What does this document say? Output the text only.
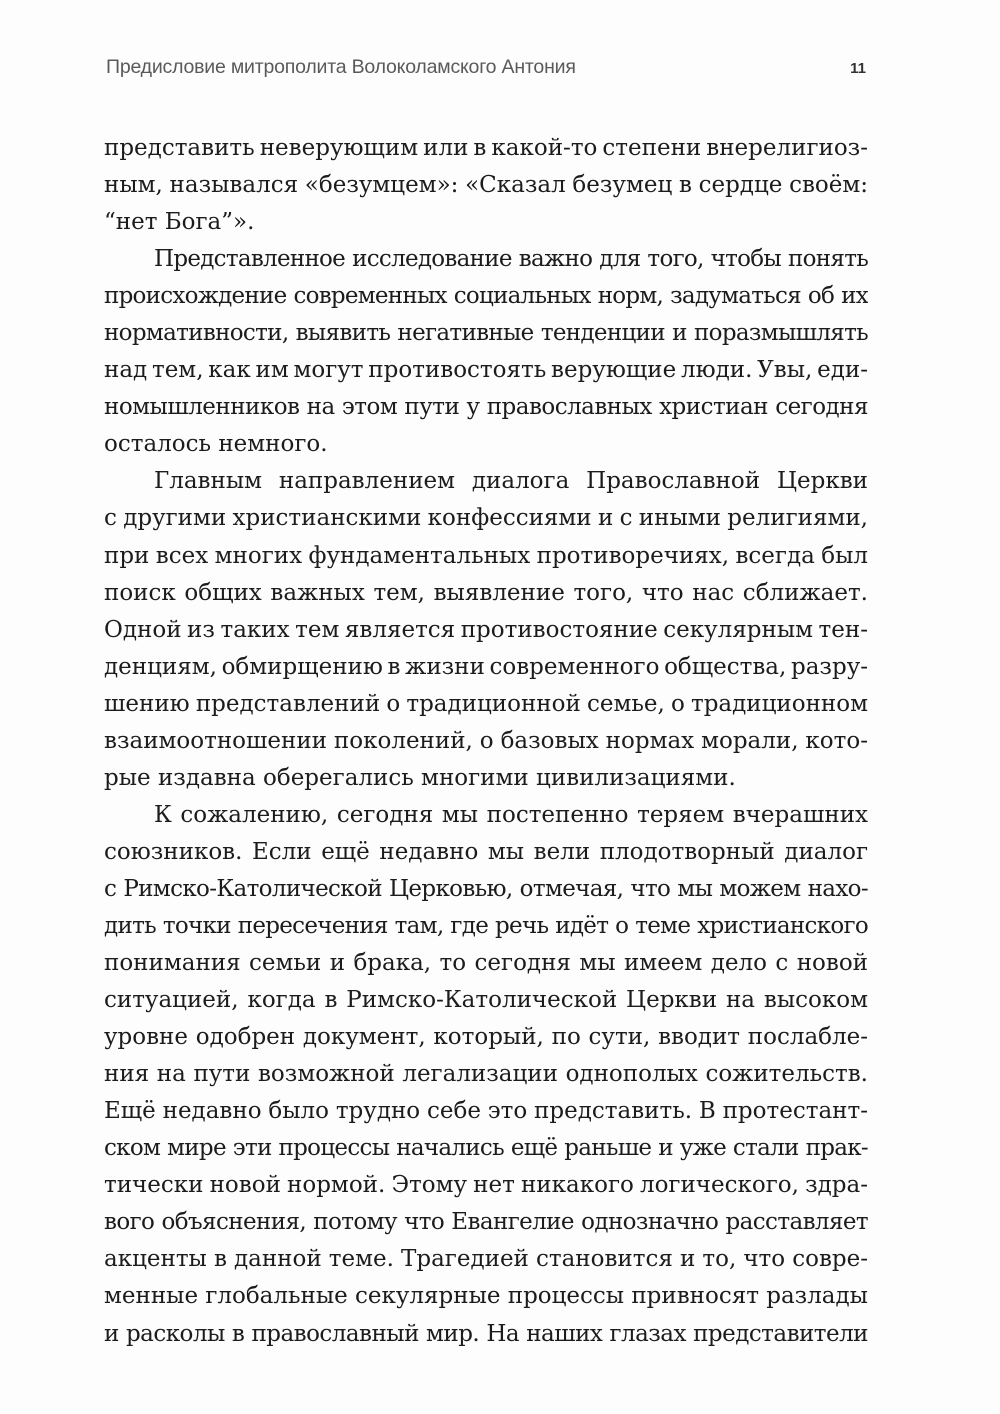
Предисловие митрополита Волоколамского Антония	11
представить неверующим или в какой-то степени внерелигиоз-
ным, назывался «безумцем»: «Сказал безумец в сердце своём:
“нет Бога”».
Представленное исследование важно для того, чтобы понять
происхождение современных социальных норм, задуматься об их
нормативности, выявить негативные тенденции и поразмышлять
над тем, как им могут противостоять верующие люди. Увы, еди-
номышленников на этом пути у православных христиан сегодня
осталось немного.
Главным направлением диалога Православной Церкви
с другими христианскими конфессиями и с иными религиями,
при всех многих фундаментальных противоречиях, всегда был
поиск общих важных тем, выявление того, что нас сближает.
Одной из таких тем является противостояние секулярным тен-
денциям, обмирщению в жизни современного общества, разру-
шению представлений о традиционной семье, о традиционном
взаимоотношении поколений, о базовых нормах морали, кото-
рые издавна оберегались многими цивилизациями.
К сожалению, сегодня мы постепенно теряем вчерашних
союзников. Если ещё недавно мы вели плодотворный диалог
с Римско-Католической Церковью, отмечая, что мы можем нахо-
дить точки пересечения там, где речь идёт о теме христианского
понимания семьи и брака, то сегодня мы имеем дело с новой
ситуацией, когда в Римско-Католической Церкви на высоком
уровне одобрен документ, который, по сути, вводит послабле-
ния на пути возможной легализации однополых сожительств.
Ещё недавно было трудно себе это представить. В протестант-
ском мире эти процессы начались ещё раньше и уже стали прак-
тически новой нормой. Этому нет никакого логического, здра-
вого объяснения, потому что Евангелие однозначно расставляет
акценты в данной теме. Трагедией становится и то, что совре-
менные глобальные секулярные процессы привносят разлады
и расколы в православный мир. На наших глазах представители
